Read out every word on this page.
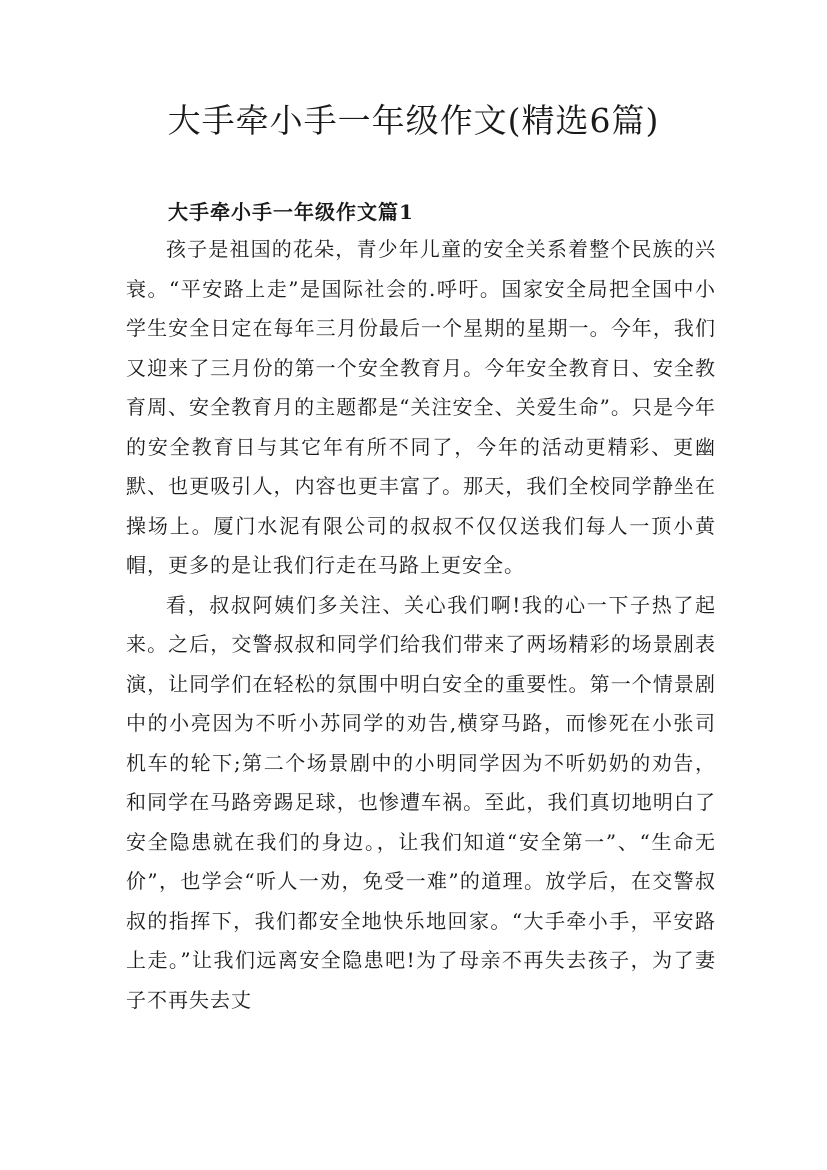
大手牵小手一年级作文(精选6篇)
大手牵小手一年级作文篇1

孩子是祖国的花朵，青少年儿童的安全关系着整个民族的兴衰。“平安路上走”是国际社会的.呼吁。国家安全局把全国中小学生安全日定在每年三月份最后一个星期的星期一。今年，我们又迎来了三月份的第一个安全教育月。今年安全教育日、安全教育周、安全教育月的主题都是“关注安全、关爱生命”。只是今年的安全教育日与其它年有所不同了，今年的活动更精彩、更幽默、也更吸引人，内容也更丰富了。那天，我们全校同学静坐在操场上。厦门水泥有限公司的叔叔不仅仅送我们每人一顶小黄帽，更多的是让我们行走在马路上更安全。

看，叔叔阿姨们多关注、关心我们啊!我的心一下子热了起来。之后，交警叔叔和同学们给我们带来了两场精彩的场景剧表演，让同学们在轻松的氛围中明白安全的重要性。第一个情景剧中的小亮因为不听小苏同学的劝告,横穿马路，而惨死在小张司机车的轮下;第二个场景剧中的小明同学因为不听奶奶的劝告，和同学在马路旁踢足球，也惨遭车祸。至此，我们真切地明白了安全隐患就在我们的身边。，让我们知道“安全第一”、“生命无价”，也学会“听人一劝，免受一难”的道理。放学后，在交警叔叔的指挥下，我们都安全地快乐地回家。“大手牵小手，平安路上走。”让我们远离安全隐患吧!为了母亲不再失去孩子，为了妻子不再失去丈
